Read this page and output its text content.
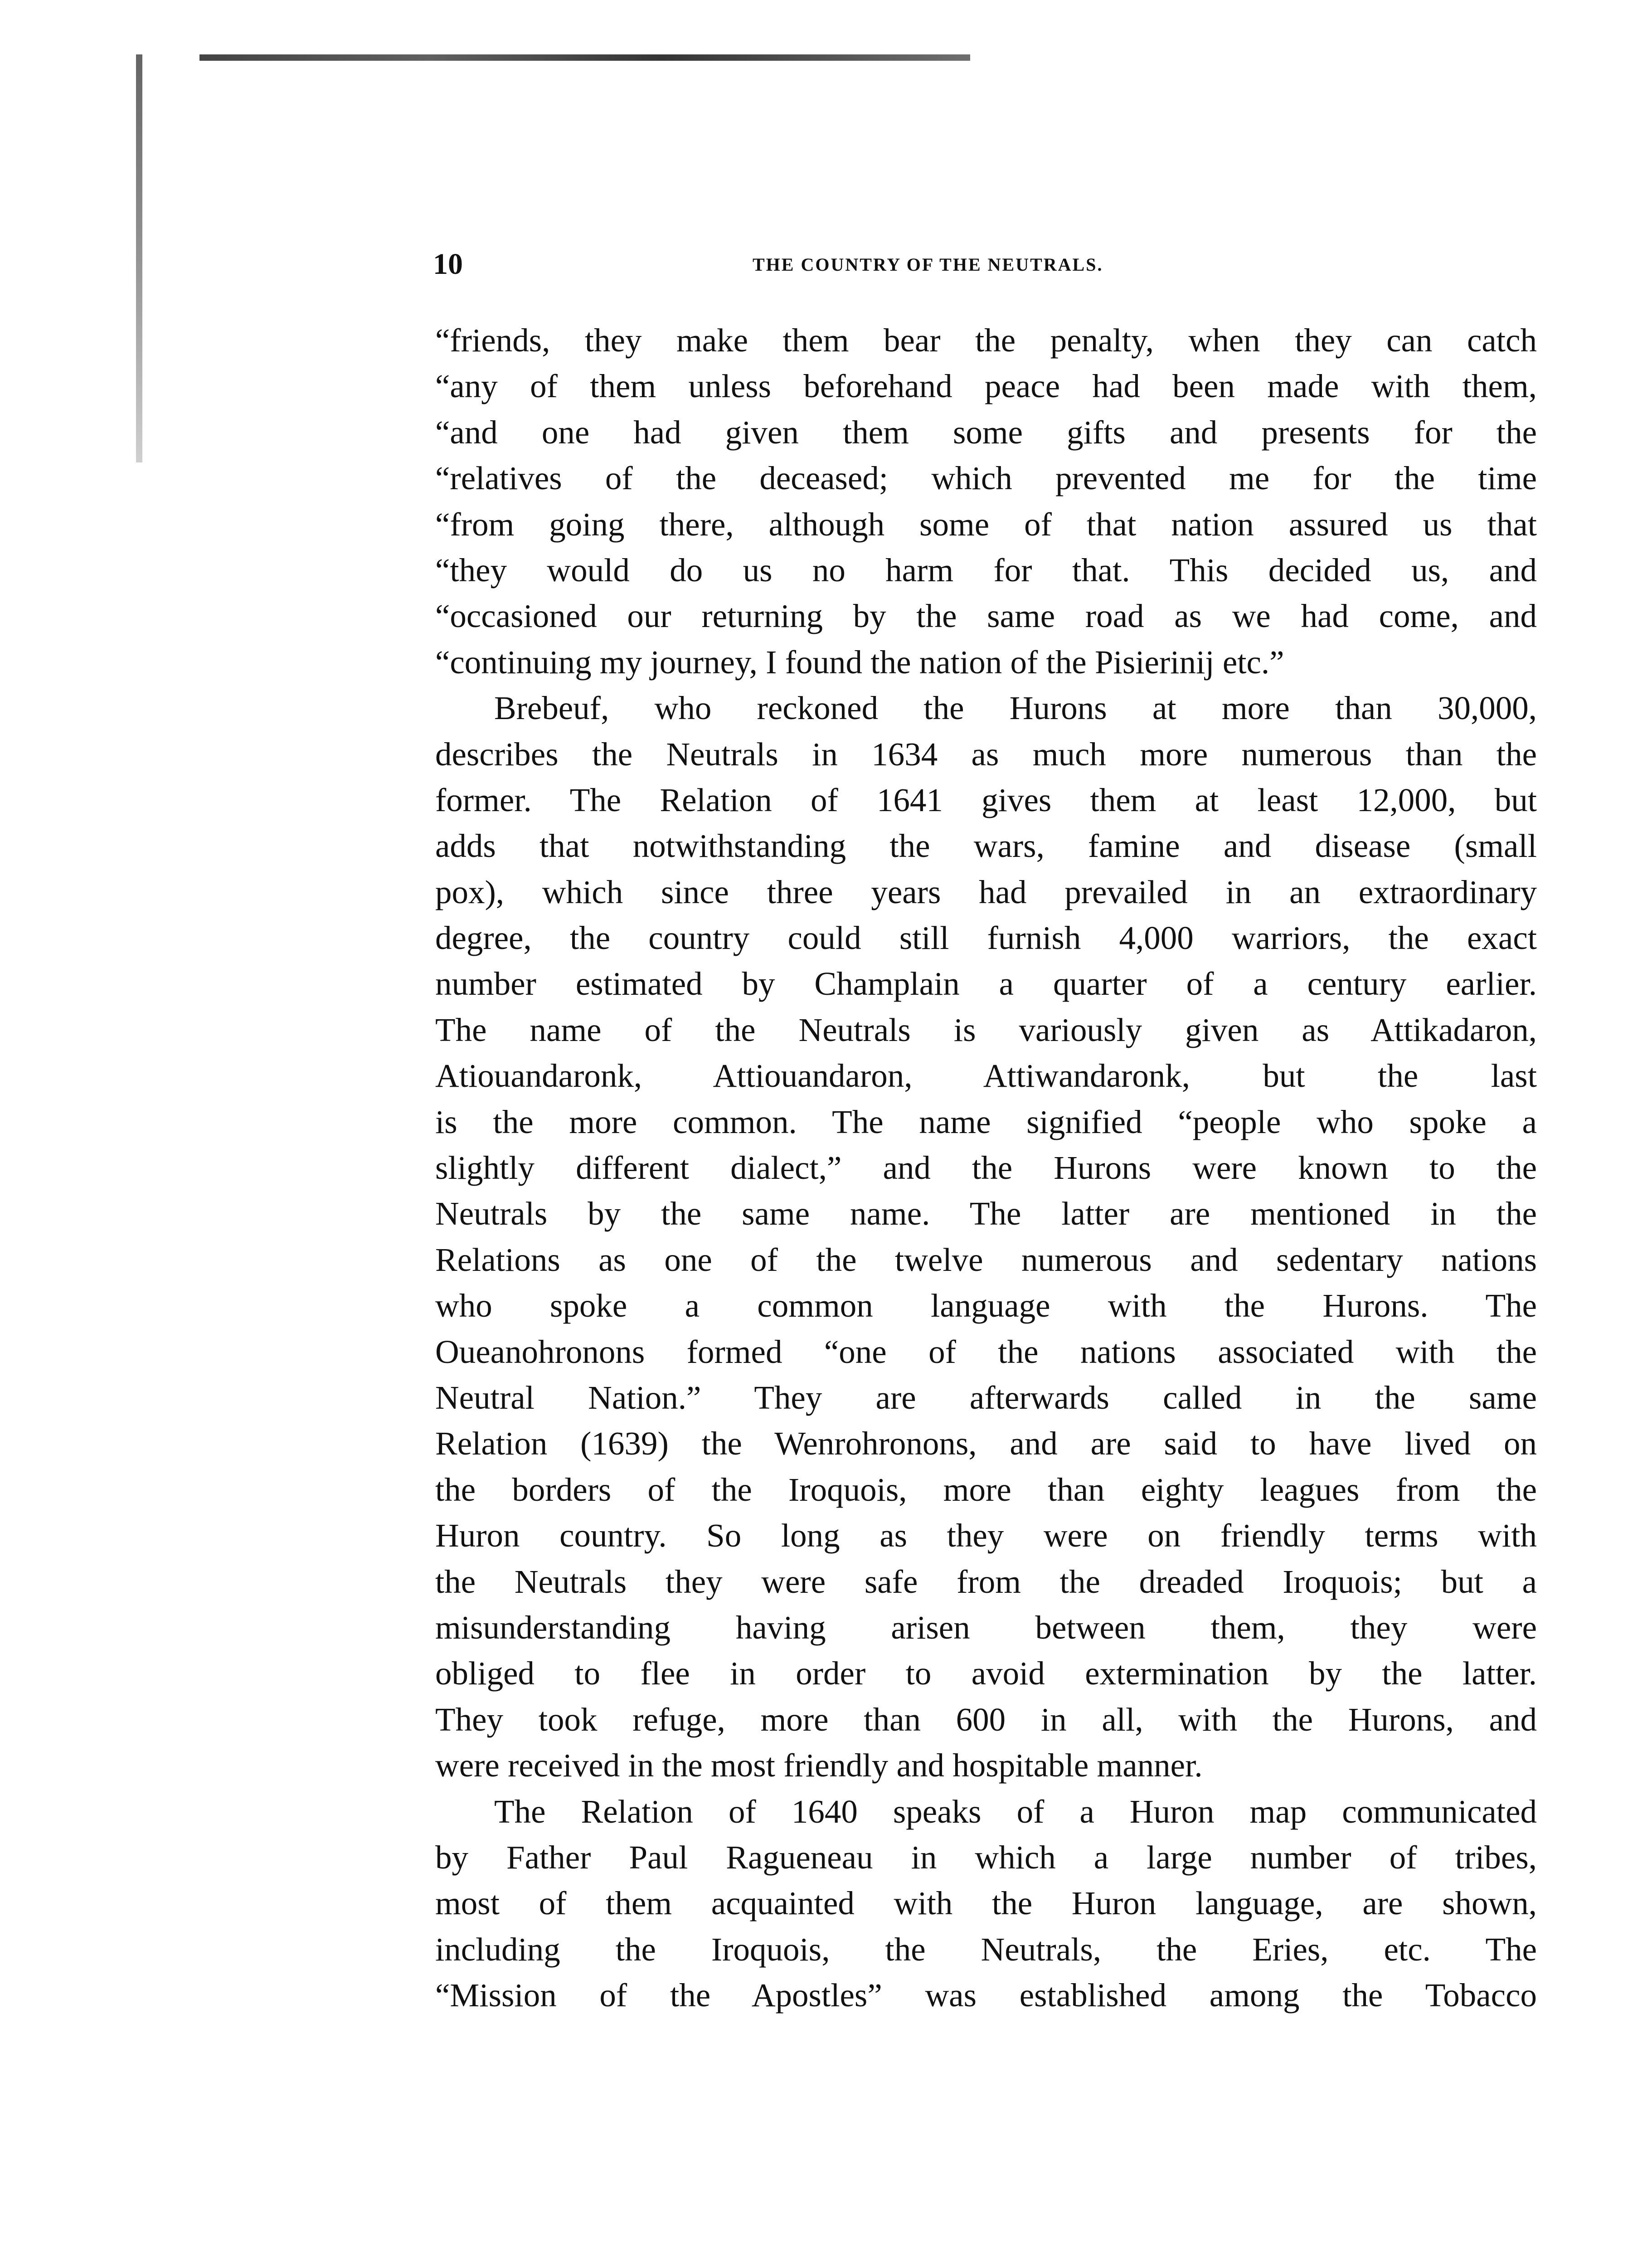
10	THE COUNTRY OF THE NEUTRALS.
“friends, they make them bear the penalty, when they can catch
“any of them unless beforehand peace had been made with them,
“and one had given them some gifts and presents for the
“relatives of the deceased; which prevented me for the time
“from going there, although some of that nation assured us that
“they would do us no harm for that. This decided us, and
“occasioned our returning by the same road as we had come, and
“continuing my journey, I found the nation of the Pisierinij etc.”
Brebeuf, who reckoned the Hurons at more than 30,000,
describes the Neutrals in 1634 as much more numerous than the
former. The Relation of 1641 gives them at least 12,000, but
adds that notwithstanding the wars, famine and disease (small
pox), which since three years had prevailed in an extraordinary
degree, the country could still furnish 4,000 warriors, the exact
number estimated by Champlain a quarter of a century earlier.
The name of the Neutrals is variously given as Attikadaron,
Atiouandaronk, Attiouandaron, Attiwandaronk, but the last
is the more common. The name signified “people who spoke a
slightly different dialect,” and the Hurons were known to the
Neutrals by the same name. The latter are mentioned in the
Relations as one of the twelve numerous and sedentary nations
who spoke a common language with the Hurons. The
Oueanohronons formed “one of the nations associated with the
Neutral Nation.” They are afterwards called in the same
Relation (1639) the Wenrohronons, and are said to have lived on
the borders of the Iroquois, more than eighty leagues from the
Huron country. So long as they were on friendly terms with
the Neutrals they were safe from the dreaded Iroquois; but a
misunderstanding having arisen between them, they were
obliged to flee in order to avoid extermination by the latter.
They took refuge, more than 600 in all, with the Hurons, and
were received in the most friendly and hospitable manner.
The Relation of 1640 speaks of a Huron map communicated
by Father Paul Ragueneau in which a large number of tribes,
most of them acquainted with the Huron language, are shown,
including the Iroquois, the Neutrals, the Eries, etc. The
“Mission of the Apostles” was established among the Tobacco
